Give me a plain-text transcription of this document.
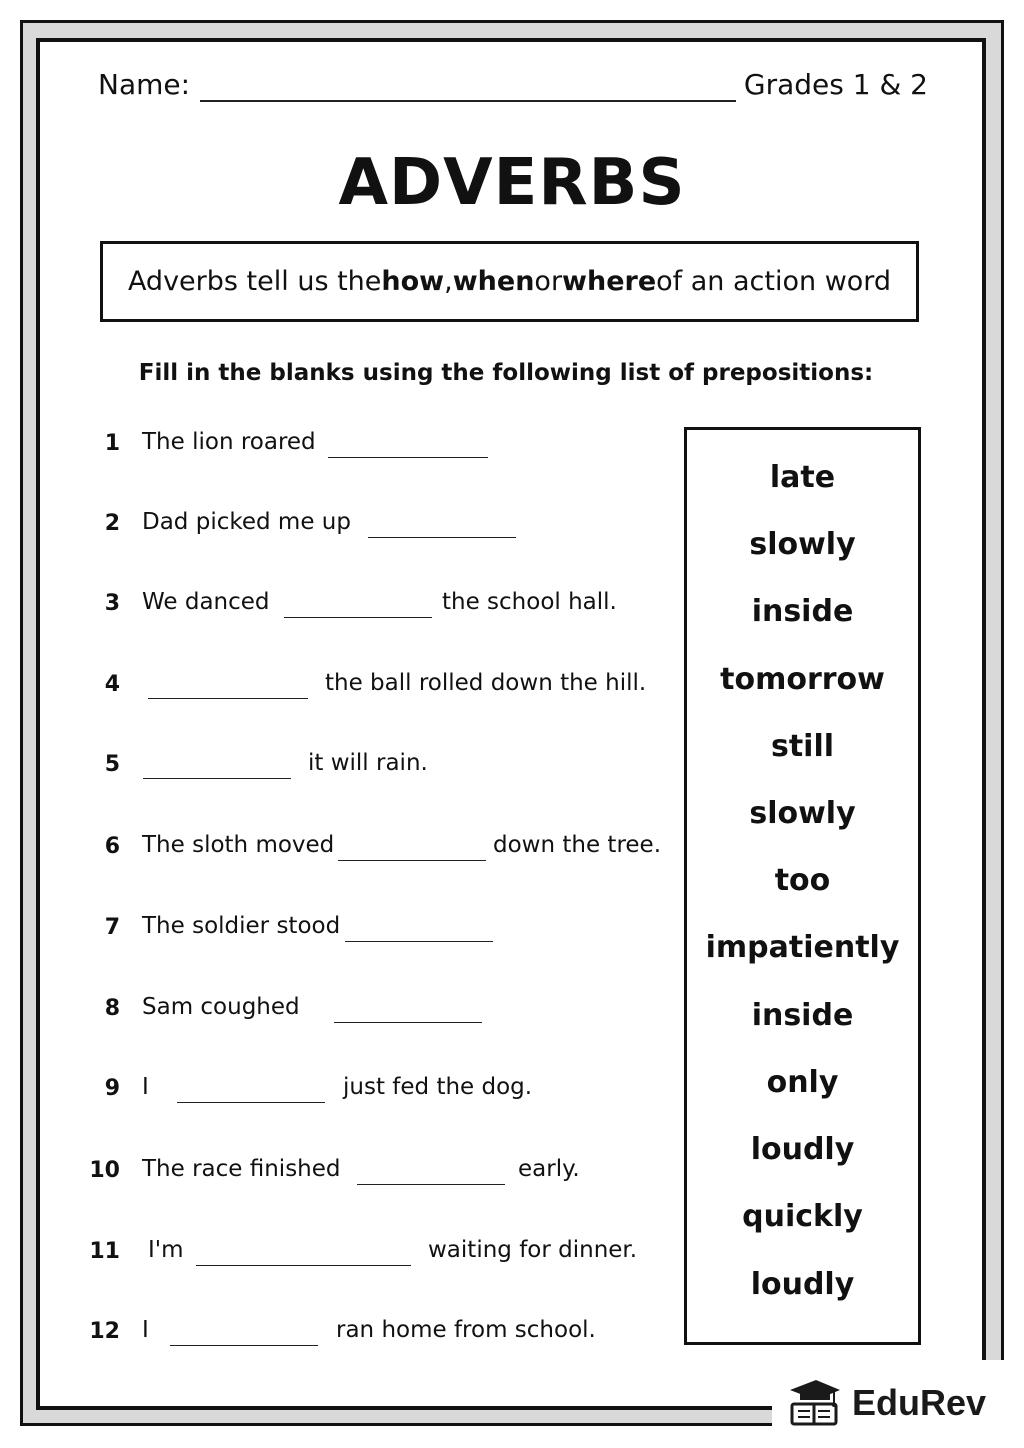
Name:	Grades 1 & 2
ADVERBS
Adverbs tell us the how , when or where of an action word
Fill in the blanks using the following list of prepositions:
1 The lion roared
2 Dad picked me up
3 We danced	the school hall.
4	the ball rolled down the hill.
5	it will rain.
6 The sloth moved	down the tree.
7 The soldier stood
8 Sam coughed
9 I	just fed the dog.
10 The race finished	early.
11 I'm	waiting for dinner.
12 I	ran home from school.
late
slowly
inside
tomorrow
still
slowly
too
impatiently
inside
only
loudly
quickly
loudly
EduRev
